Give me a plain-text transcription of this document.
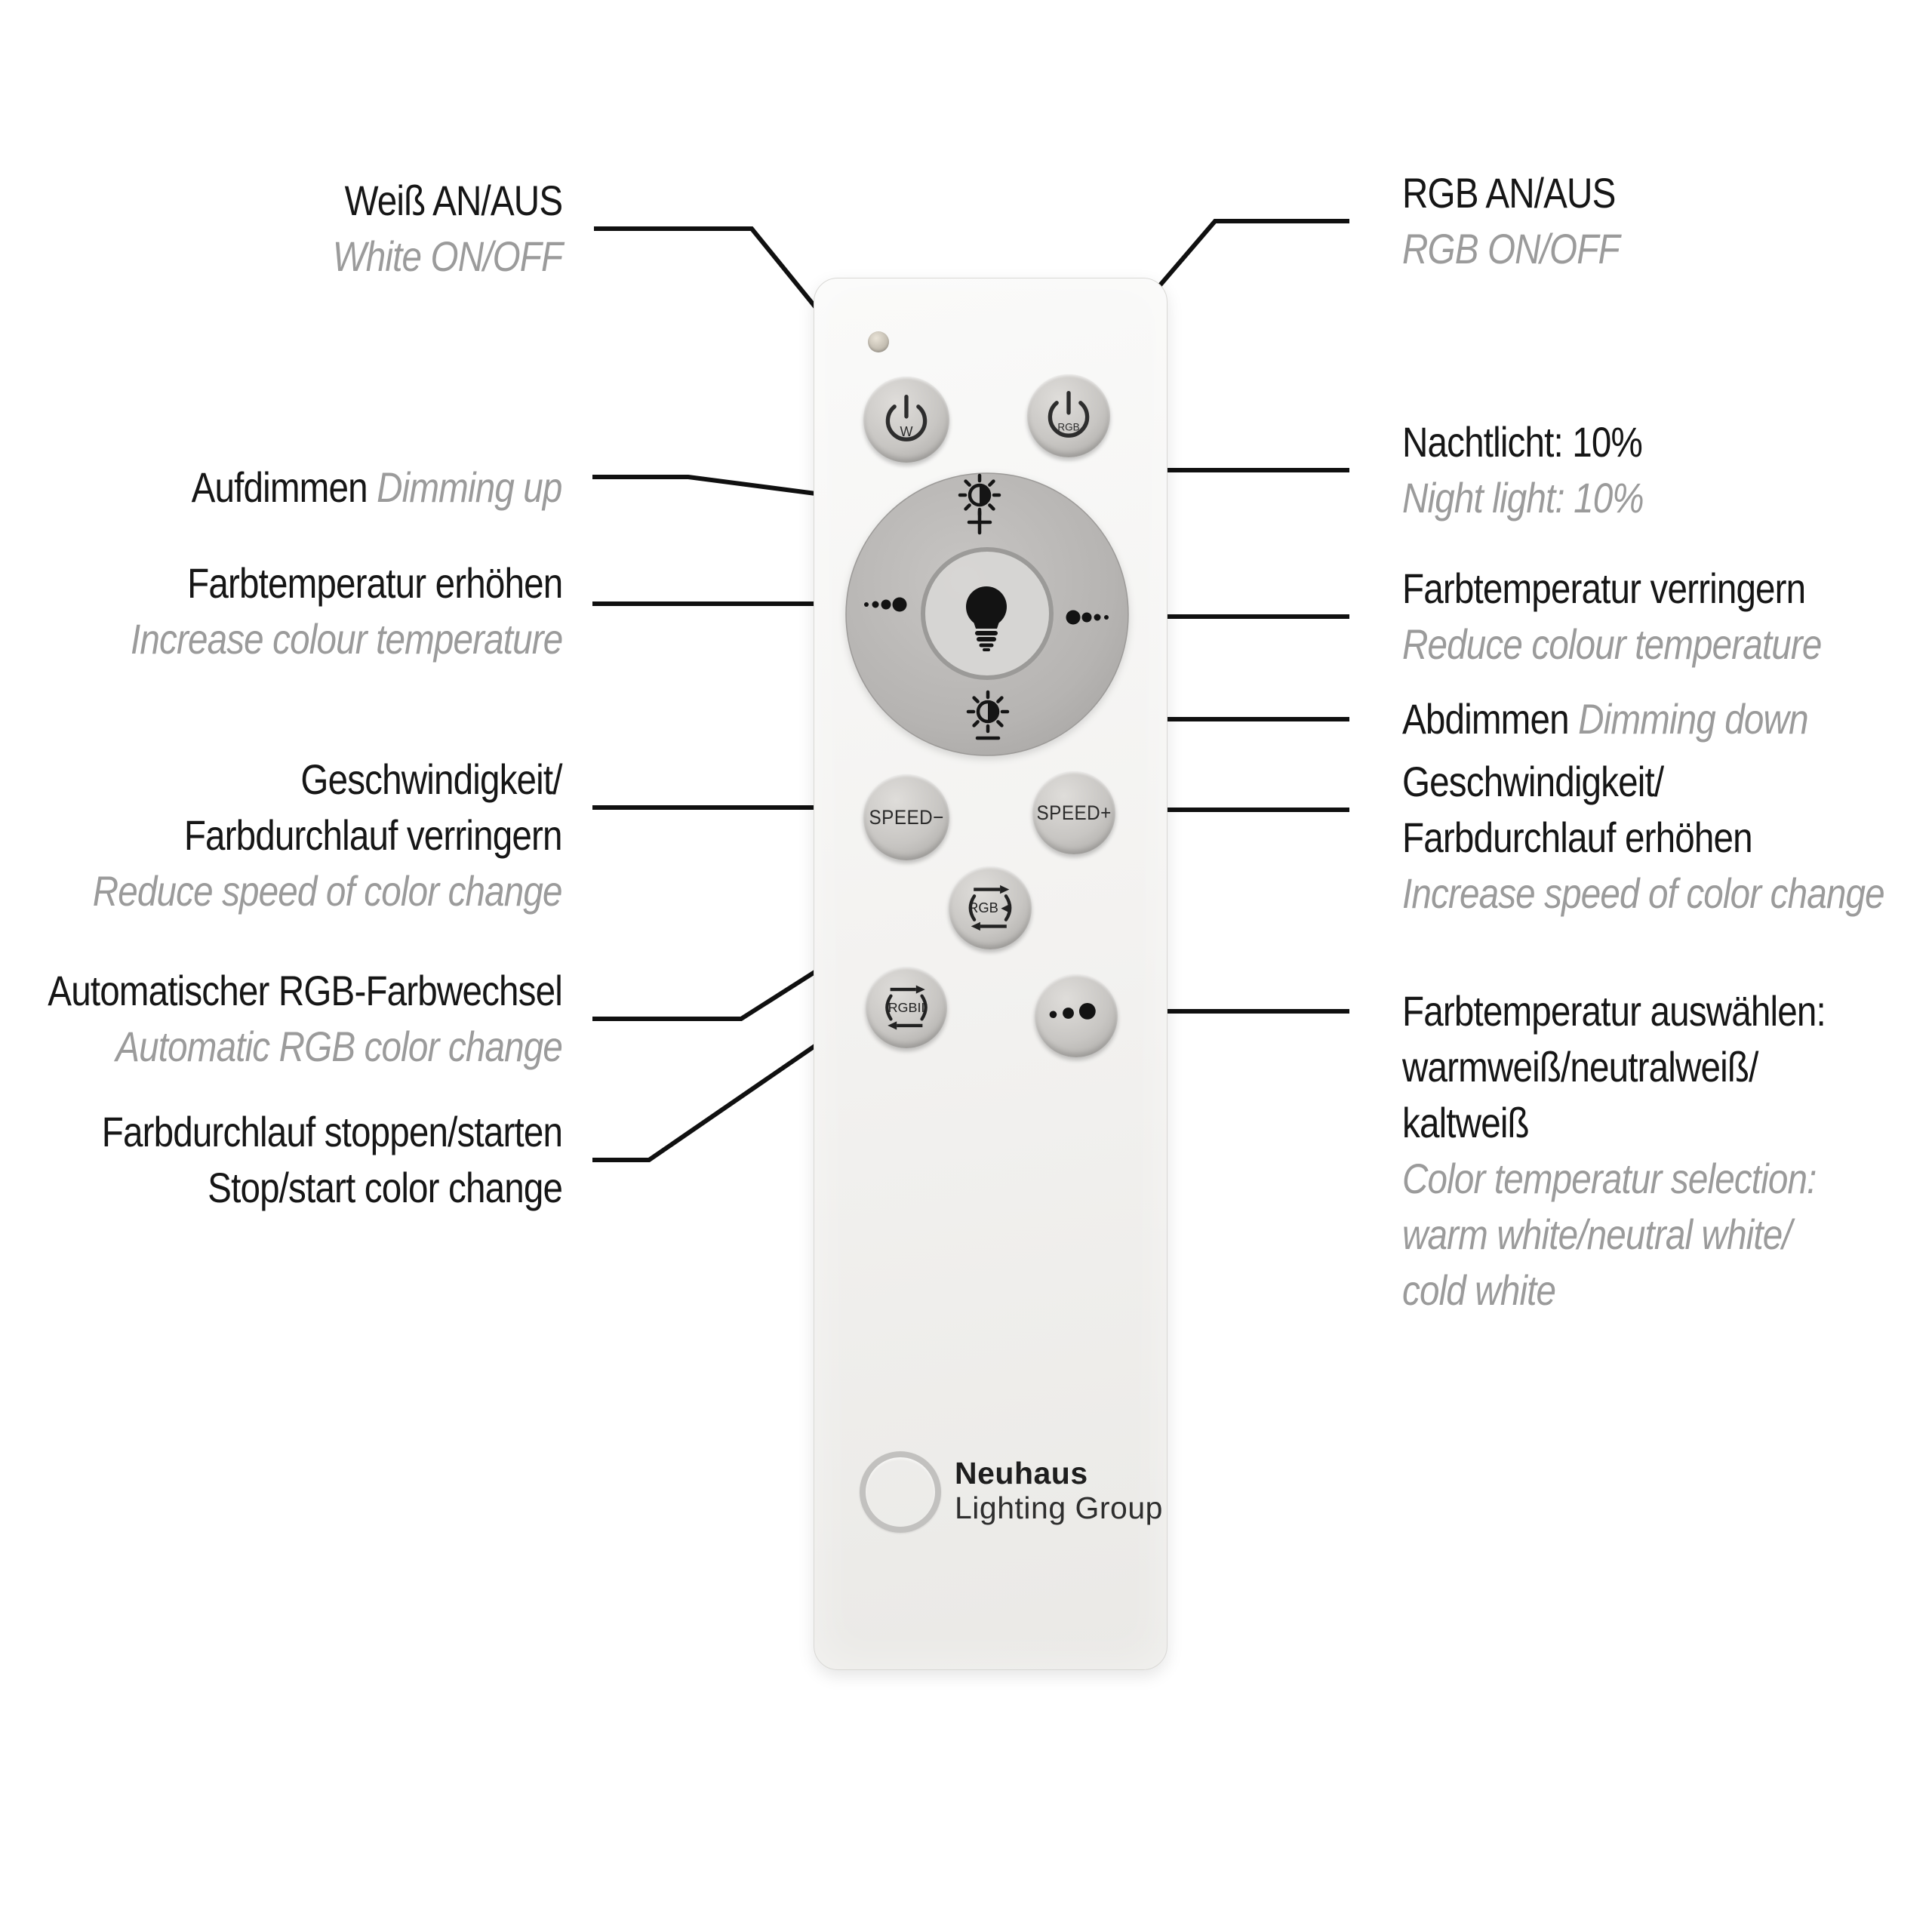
Weiß AN/AUS
White ON/OFF
Aufdimmen Dimming up
Farbtemperatur erhöhen
Increase colour temperature
Geschwindigkeit/
Farbdurchlauf verringern
Reduce speed of color change
Automatischer RGB-Farbwechsel
Automatic RGB color change
Farbdurchlauf stoppen/starten
Stop/start color change
RGB AN/AUS
RGB ON/OFF
Nachtlicht: 10%
Night light: 10%
Farbtemperatur verringern
Reduce colour temperature
Abdimmen Dimming down
Geschwindigkeit/
Farbdurchlauf erhöhen
Increase speed of color change
Farbtemperatur auswählen:
warmweiß/neutralweiß/
kaltweiß
Color temperatur selection:
warm white/neutral white/
cold white
W	RGB
SPEED−	SPEED+
RGB◄
RGBII
Neuhaus
Lighting Group
